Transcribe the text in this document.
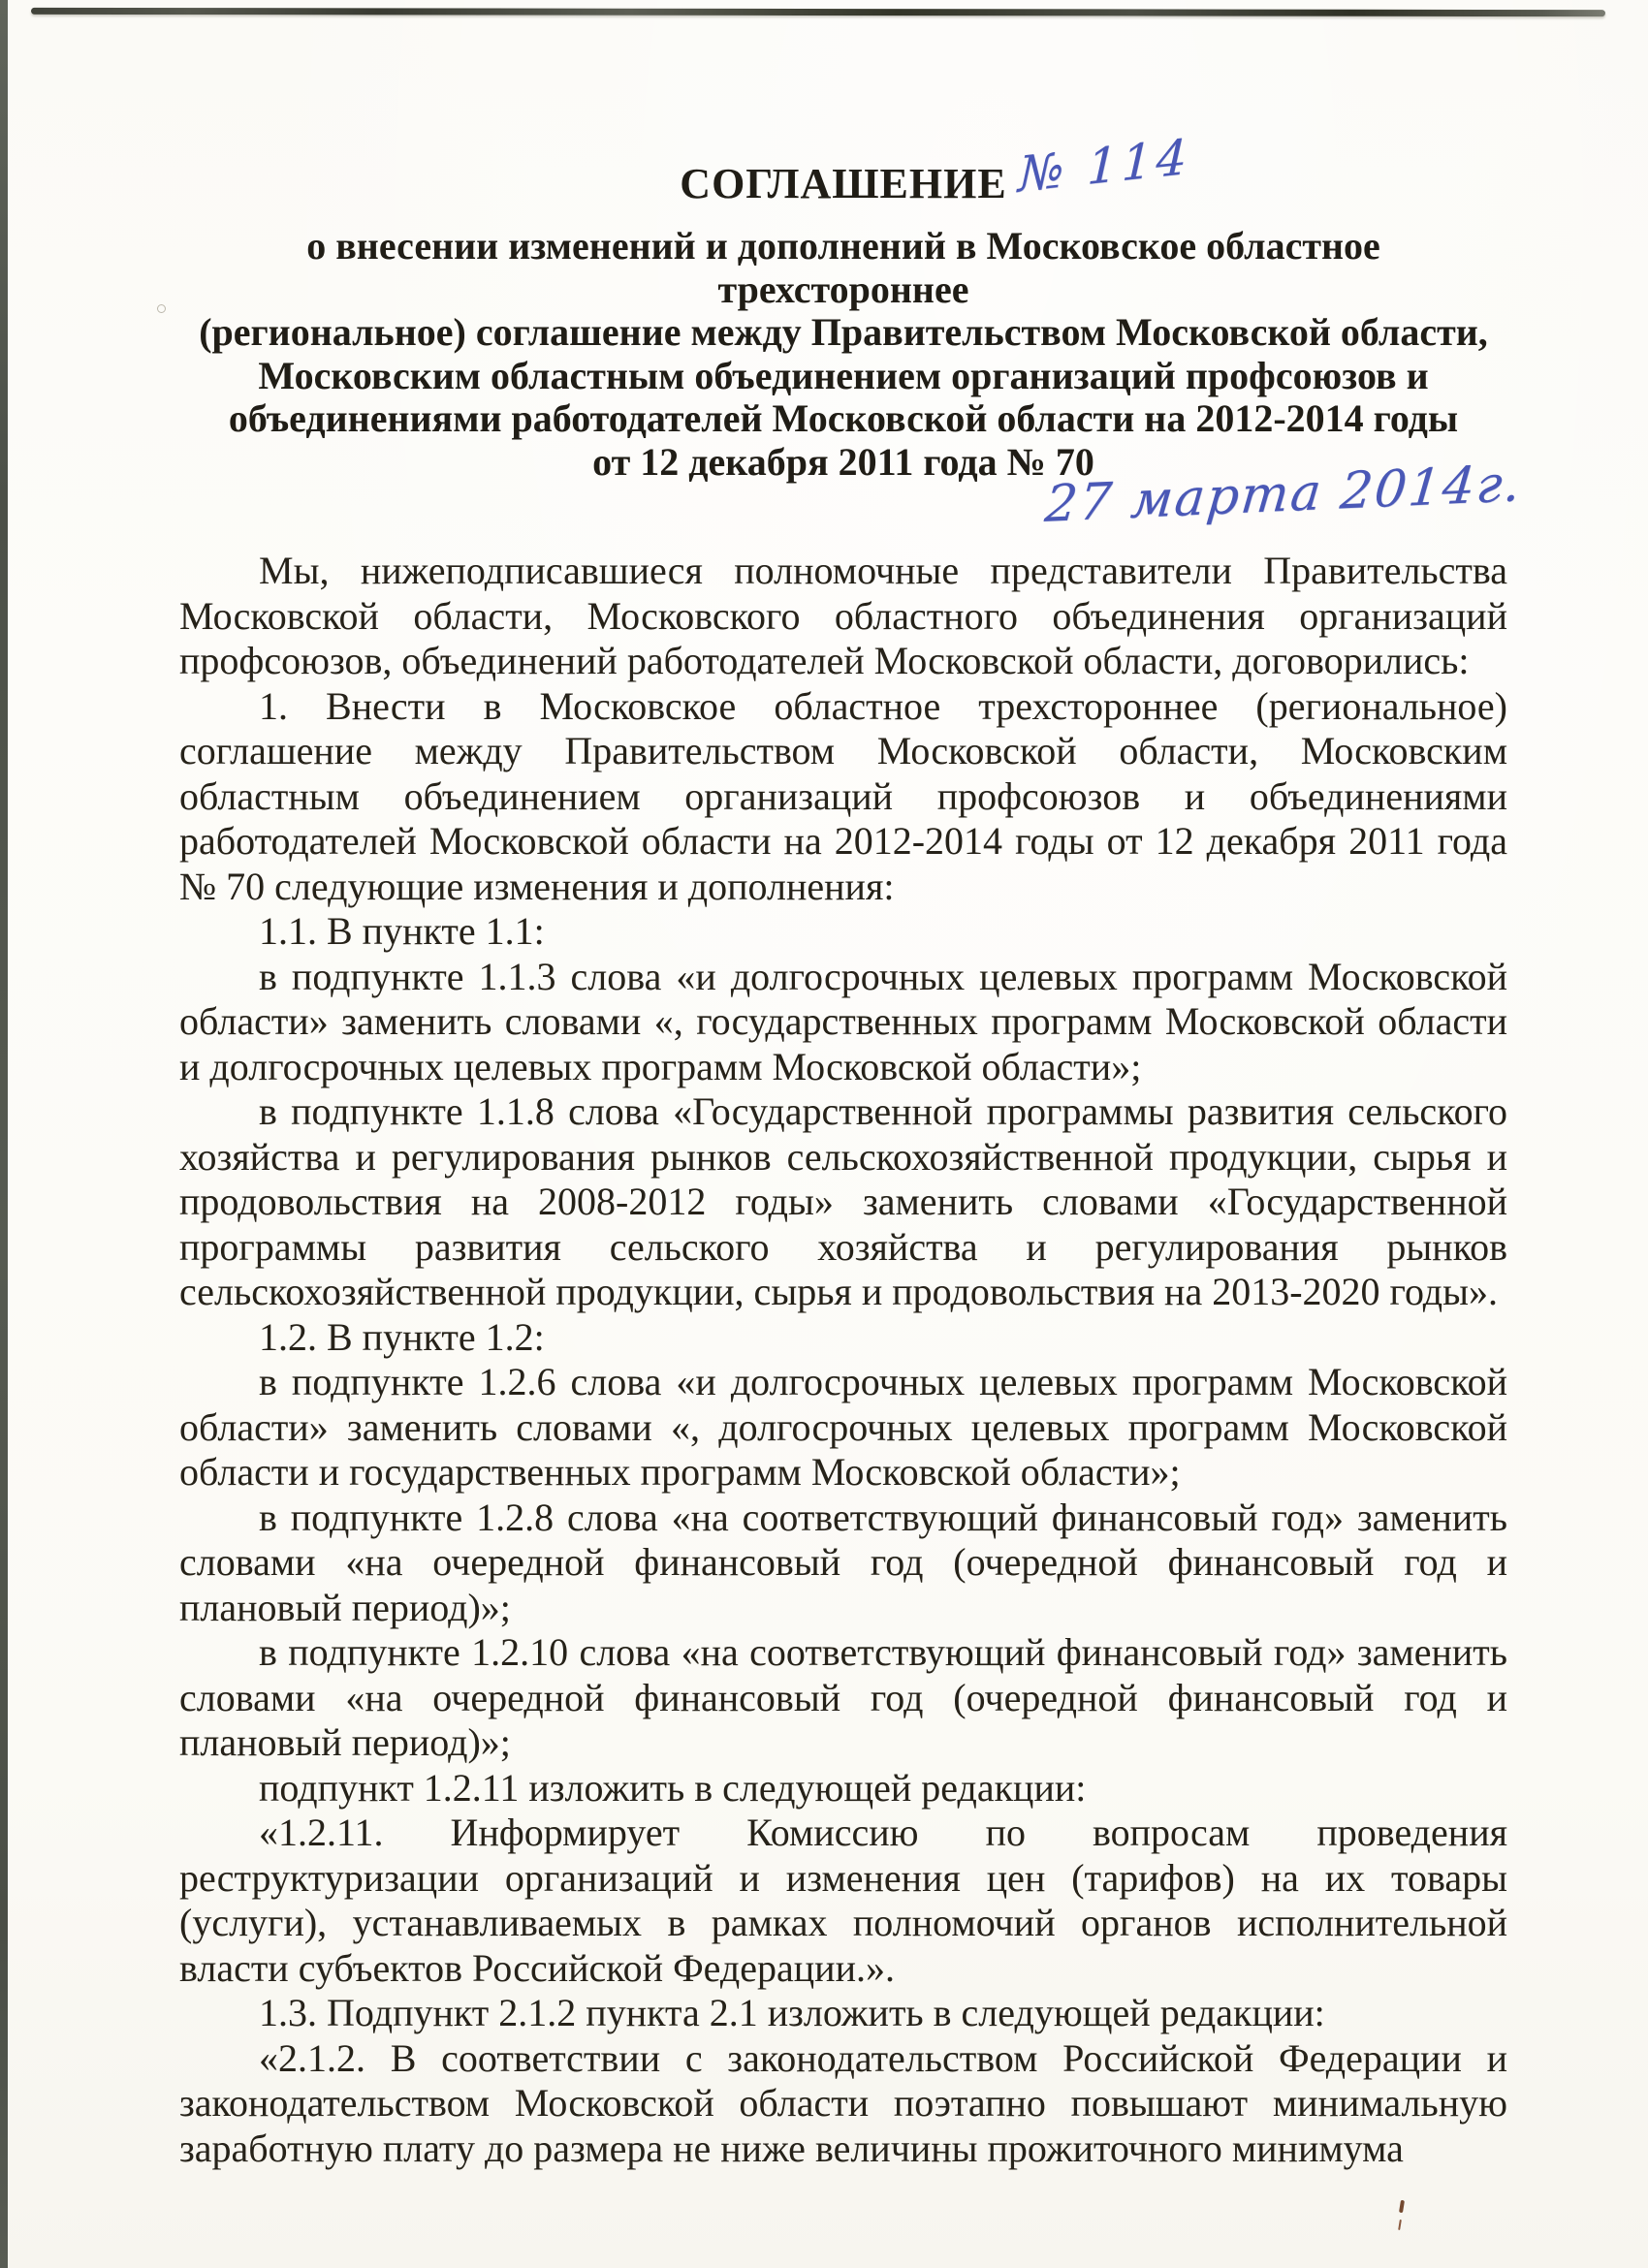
СОГЛАШЕНИЕ
о внесении изменений и дополнений в Московское областное трехстороннее
(региональное) соглашение между Правительством Московской области,
Московским областным объединением организаций профсоюзов и
объединениями работодателей Московской области на 2012-2014 годы
от 12 декабря 2011 года № 70
№ 114
27 марта 2014г.

Мы, нижеподписавшиеся полномочные представители Правительства Московской области, Московского областного объединения организаций профсоюзов, объединений работодателей Московской области, договорились:

1. Внести в Московское областное трехстороннее (региональное) соглашение между Правительством Московской области, Московским областным объединением организаций профсоюзов и объединениями работодателей Московской области на 2012-2014 годы от 12 декабря 2011 года № 70 следующие изменения и дополнения:

1.1. В пункте 1.1:

в подпункте 1.1.3 слова «и долгосрочных целевых программ Московской области» заменить словами «, государственных программ Московской области и долгосрочных целевых программ Московской области»;

в подпункте 1.1.8 слова «Государственной программы развития сельского хозяйства и регулирования рынков сельскохозяйственной продукции, сырья и продовольствия на 2008-2012 годы» заменить словами «Государственной программы развития сельского хозяйства и регулирования рынков сельскохозяйственной продукции, сырья и продовольствия на 2013-2020 годы».

1.2. В пункте 1.2:

в подпункте 1.2.6 слова «и долгосрочных целевых программ Московской области» заменить словами «, долгосрочных целевых программ Московской области и государственных программ Московской области»;

в подпункте 1.2.8 слова «на соответствующий финансовый год» заменить словами «на очередной финансовый год (очередной финансовый год и плановый период)»;

в подпункте 1.2.10 слова «на соответствующий финансовый год» заменить словами «на очередной финансовый год (очередной финансовый год и плановый период)»;

подпункт 1.2.11 изложить в следующей редакции:

«1.2.11. Информирует Комиссию по вопросам проведения реструктуризации организаций и изменения цен (тарифов) на их товары (услуги), устанавливаемых в рамках полномочий органов исполнительной власти субъектов Российской Федерации.».

1.3. Подпункт 2.1.2 пункта 2.1 изложить в следующей редакции:

«2.1.2. В соответствии с законодательством Российской Федерации и законодательством Московской области поэтапно повышают минимальную заработную плату до размера не ниже величины прожиточного минимума
